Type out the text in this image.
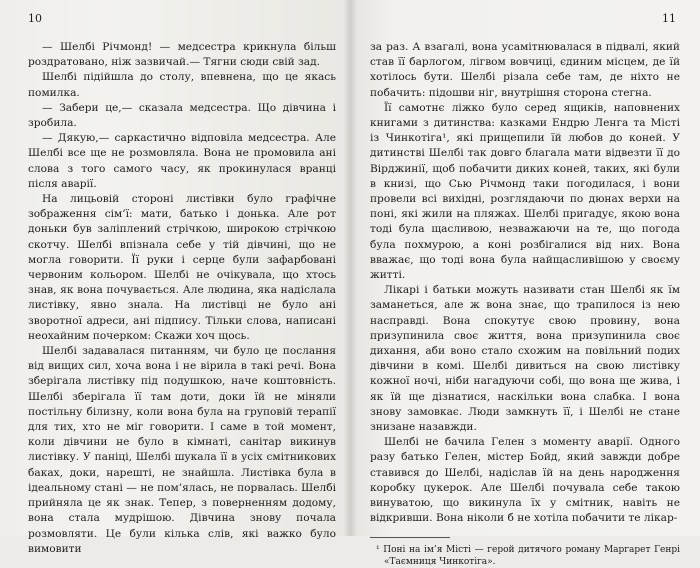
10

— Шелбі Річмонд! — медсестра крикнула більш роздратовано, ніж зазвичай.— Тягни сюди свій зад.

Шелбі підійшла до столу, впевнена, що це якась помилка.

— Забери це,— сказала медсестра. Що дівчина і зробила.

— Дякую,— саркастично відповіла медсестра. Але Шелбі все ще не розмовляла. Вона не промовила ані слова з того самого часу, як прокинулася вранці після аварії.

На лицьовій стороні листівки було графічне зображення сім’ї: мати, батько і донька. Але рот доньки був заліплений стрічкою, широкою стрічкою скотчу. Шелбі впізнала себе у тій дівчині, що не могла говорити. Її руки і серце були зафарбовані червоним кольором. Шелбі не очікувала, що хтось знав, як вона почувається. Але людина, яка надіслала листівку, явно знала. На листівці не було ані зворотної адреси, ані підпису. Тільки слова, написані неохайним почерком: Скажи хоч щось.

Шелбі задавалася питанням, чи було це послання від вищих сил, хоча вона і не вірила в такі речі. Вона зберігала листівку під подушкою, наче коштовність. Шелбі зберігала її там доти, доки їй не міняли постільну білизну, коли вона була на груповій терапії для тих, хто не міг говорити. І саме в той момент, коли дівчини не було в кімнаті, санітар викинув листівку. У паніці, Шелбі шукала її в усіх смітникових баках, доки, нарешті, не знайшла. Листівка була в ідеальному стані — не пом’ялась, не порвалась. Шелбі прийняла це як знак. Тепер, з поверненням додому, вона стала мудрішою. Дівчина знову почала розмовляти. Це були кілька слів, які важко було вимовити

11

за раз. А взагалі, вона усамітнювалася в підвалі, який став її барлогом, лігвом вовчиці, єдиним місцем, де їй хотілось бути. Шелбі різала себе там, де ніхто не побачить: підошви ніг, внутрішня сторона стегна.

Її самотнє ліжко було серед ящиків, наповнених книгами з дитинства: казками Ендрю Ленга та Місті із Чинкотіга¹, які прищепили їй любов до коней. У дитинстві Шелбі так довго благала мати відвезти її до Вірджинії, щоб побачити диких коней, таких, які були в книзі, що Сью Річмонд таки погодилася, і вони провели всі вихідні, розглядаючи по дюнах верхи на поні, які жили на пляжах. Шелбі пригадує, якою вона тоді була щасливою, незважаючи на те, що погода була похмурою, а коні розбігалися від них. Вона вважає, що тоді вона була найщасливішою у своєму житті.

Лікарі і батьки можуть називати стан Шелбі як їм заманеться, але ж вона знає, що трапилося із нею насправді. Вона спокутує свою провину, вона призупинила своє життя, вона призупинила своє дихання, аби воно стало схожим на повільний подих дівчини в комі. Шелбі дивиться на свою листівку кожної ночі, ніби нагадуючи собі, що вона ще жива, і як їй ще дізнатися, наскільки вона слабка. І вона знову замовкає. Люди замкнуть її, і Шелбі не стане знизане назавжди.

Шелбі не бачила Гелен з моменту аварії. Одного разу батько Гелен, містер Бойд, який завжди добре ставився до Шелбі, надіслав їй на день народження коробку цукерок. Але Шелбі почувала себе такою винуватою, що викинула їх у смітник, навіть не відкривши. Вона ніколи б не хотіла побачити те лікар-

¹ Поні на ім’я Місті — герой дитячого роману Маргарет Генрі «Таємниця Чинкотіга».
